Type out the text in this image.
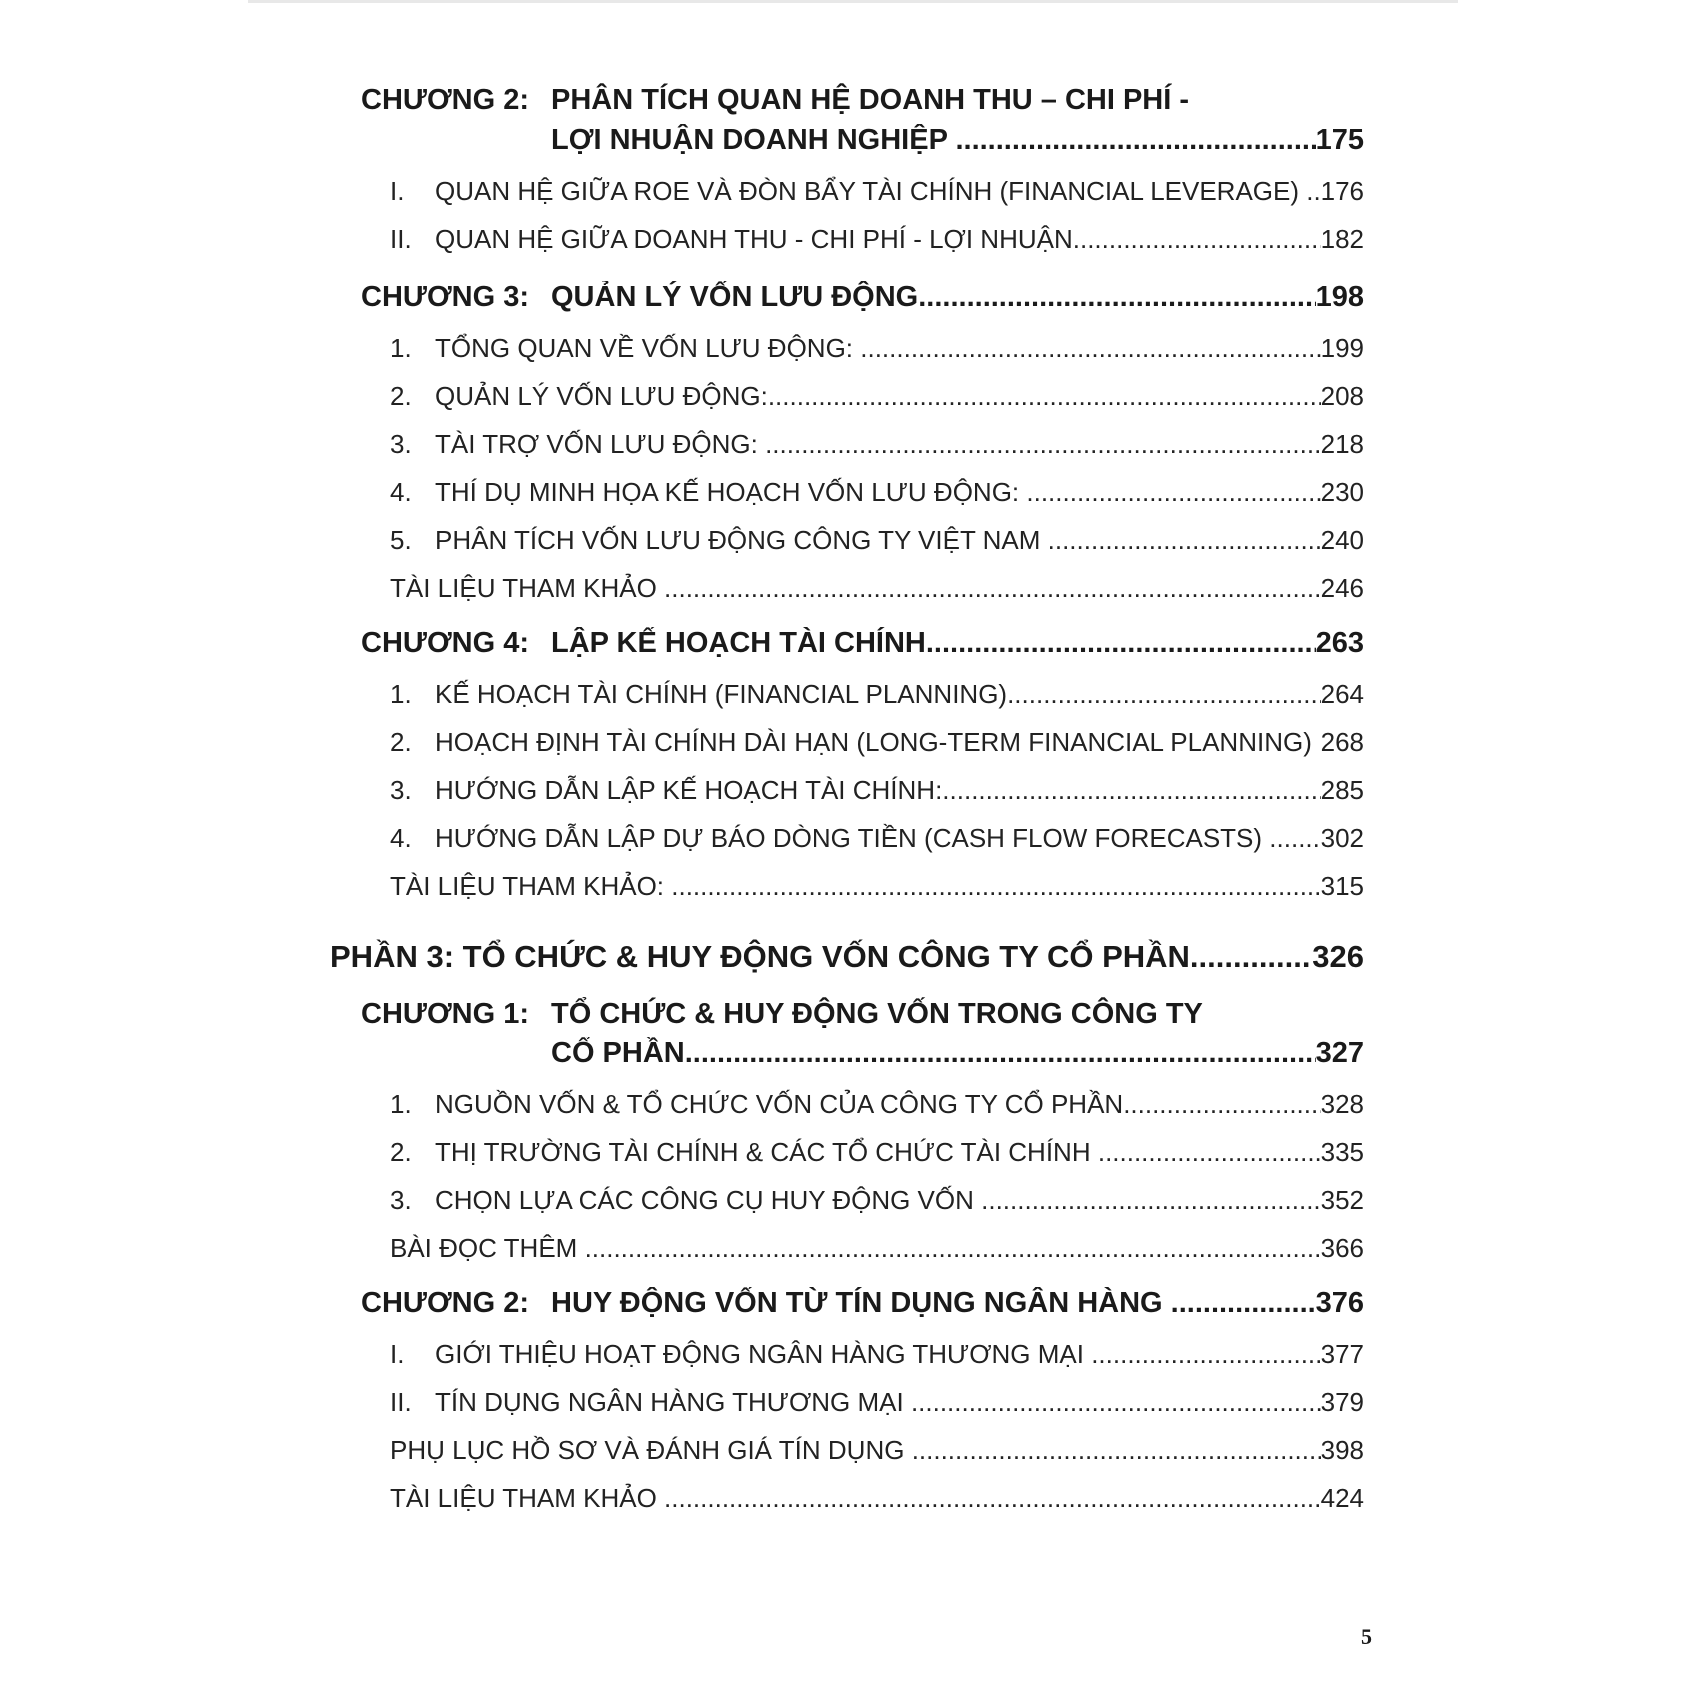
CHƯƠNG 2: PHÂN TÍCH QUAN HỆ DOANH THU – CHI PHÍ -
LỢI NHUẬN DOANH NGHIỆP .....	175
I. QUAN HỆ GIỮA ROE VÀ ĐÒN BẨY TÀI CHÍNH (FINANCIAL LEVERAGE) ..... 176
II. QUAN HỆ GIỮA DOANH THU - CHI PHÍ - LỢI NHUẬN .....	182
CHƯƠNG 3: QUẢN LÝ VỐN LƯU ĐỘNG .....	198
1. TỔNG QUAN VỀ VỐN LƯU ĐỘNG: .....	199
2. QUẢN LÝ VỐN LƯU ĐỘNG: .....	208
3. TÀI TRỢ VỐN LƯU ĐỘNG: .....	218
4. THÍ DỤ MINH HỌA KẾ HOẠCH VỐN LƯU ĐỘNG: .....	230
5. PHÂN TÍCH VỐN LƯU ĐỘNG CÔNG TY VIỆT NAM .....	240
TÀI LIỆU THAM KHẢO .....	246
CHƯƠNG 4: LẬP KẾ HOẠCH TÀI CHÍNH .....	263
1. KẾ HOẠCH TÀI CHÍNH (FINANCIAL PLANNING) .....	264
2. HOẠCH ĐỊNH TÀI CHÍNH DÀI HẠN (LONG-TERM FINANCIAL PLANNING) ..... 268
3. HƯỚNG DẪN LẬP KẾ HOẠCH TÀI CHÍNH: .....	285
4. HƯỚNG DẪN LẬP DỰ BÁO DÒNG TIỀN (CASH FLOW FORECASTS) .....	302
TÀI LIỆU THAM KHẢO: .....	315
PHẦN 3: TỔ CHỨC & HUY ĐỘNG VỐN CÔNG TY CỔ PHẦN .....	326
CHƯƠNG 1: TỔ CHỨC & HUY ĐỘNG VỐN TRONG CÔNG TY
CỔ PHẦN .....	327
1. NGUỒN VỐN & TỔ CHỨC VỐN CỦA CÔNG TY CỔ PHẦN .....	328
2. THỊ TRƯỜNG TÀI CHÍNH & CÁC TỔ CHỨC TÀI CHÍNH .....	335
3. CHỌN LỰA CÁC CÔNG CỤ HUY ĐỘNG VỐN .....	352
BÀI ĐỌC THÊM .....	366
CHƯƠNG 2: HUY ĐỘNG VỐN TỪ TÍN DỤNG NGÂN HÀNG .....	376
I. GIỚI THIỆU HOẠT ĐỘNG NGÂN HÀNG THƯƠNG MẠI .....	377
II. TÍN DỤNG NGÂN HÀNG THƯƠNG MẠI .....	379
PHỤ LỤC HỒ SƠ VÀ ĐÁNH GIÁ TÍN DỤNG .....	398
TÀI LIỆU THAM KHẢO .....	424
5
